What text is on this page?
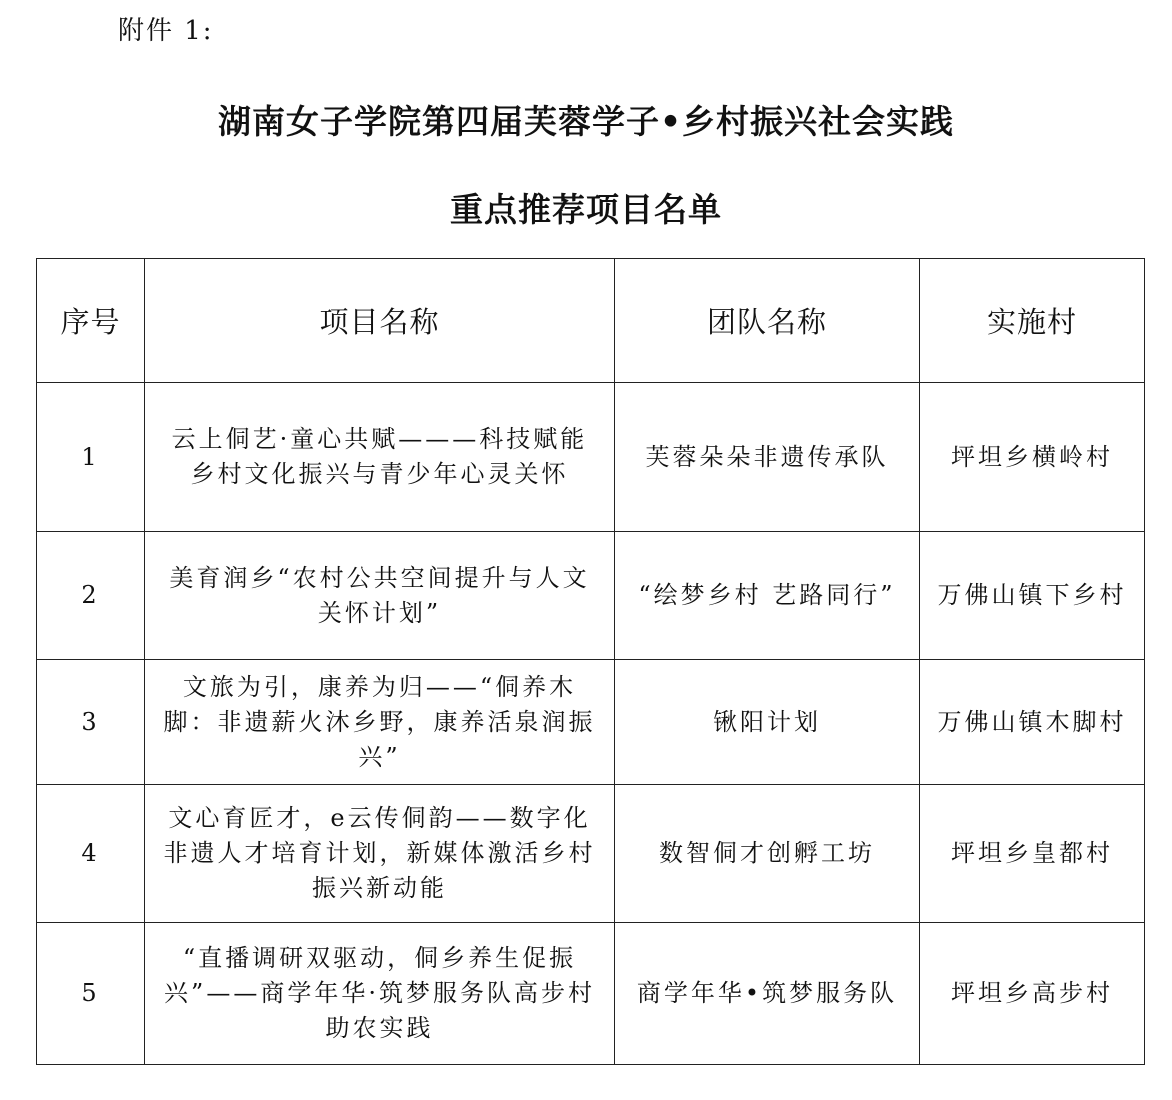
附件 1:
湖南女子学院第四届芙蓉学子•乡村振兴社会实践
重点推荐项目名单
序号	项目名称	团队名称	实施村
1	云上侗艺·童心共赋———科技赋能乡村文化振兴与青少年心灵关怀	芙蓉朵朵非遗传承队	坪坦乡横岭村
2	美育润乡“农村公共空间提升与人文关怀计划”	“绘梦乡村 艺路同行”	万佛山镇下乡村
3	文旅为引，康养为归——“侗养木脚：非遗薪火沐乡野，康养活泉润振兴”	锹阳计划	万佛山镇木脚村
4	文心育匠才，e云传侗韵——数字化非遗人才培育计划，新媒体激活乡村振兴新动能	数智侗才创孵工坊	坪坦乡皇都村
5	“直播调研双驱动，侗乡养生促振兴”——商学年华·筑梦服务队高步村助农实践	商学年华•筑梦服务队	坪坦乡高步村
